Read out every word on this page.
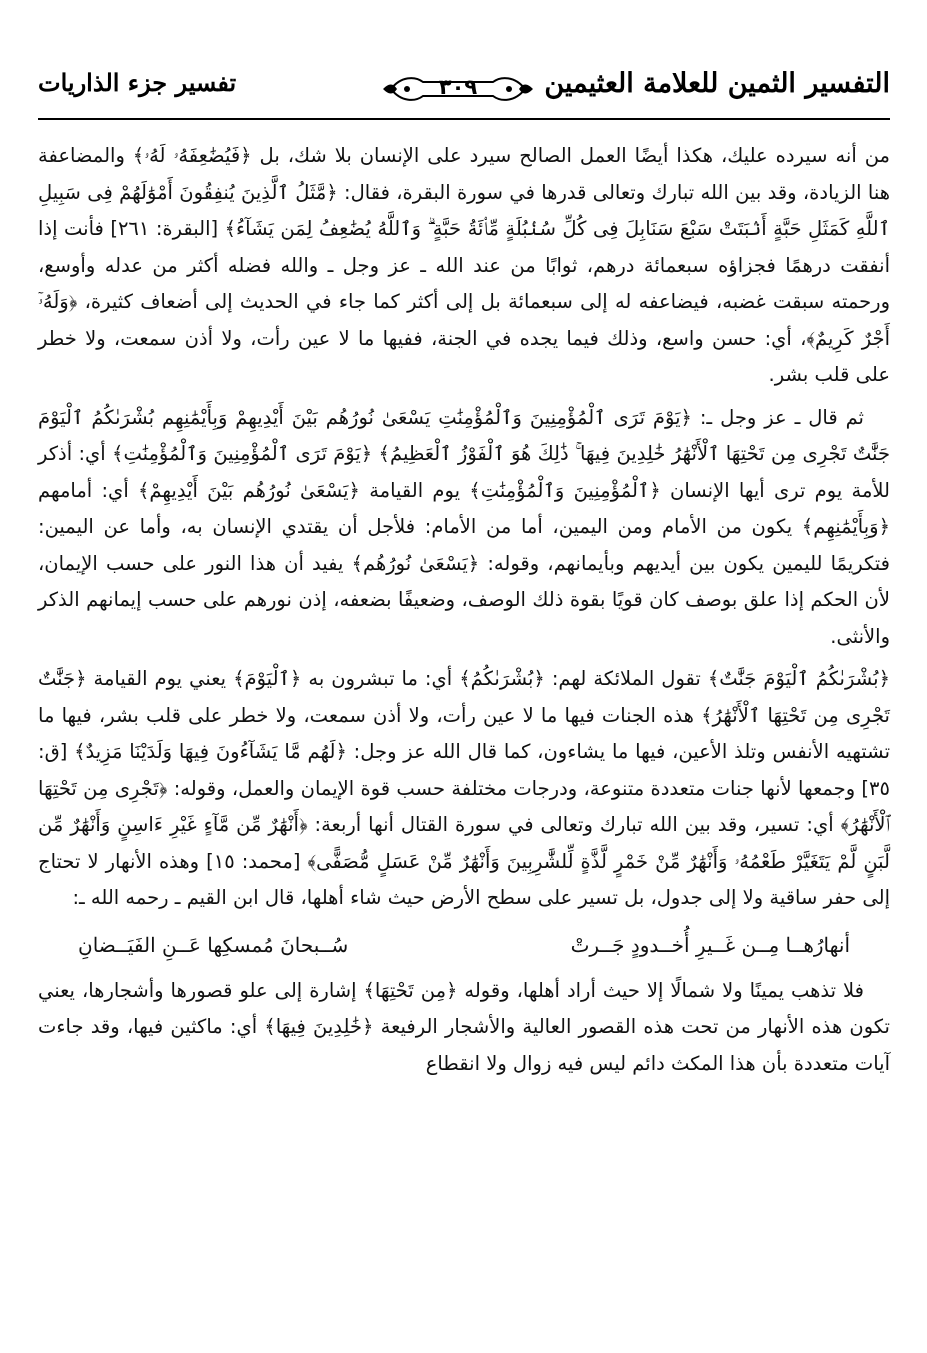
التفسير الثمين للعلامة العثيمين
٣٠٩
تفسير جزء الذاريات

من أنه سيرده عليك، هكذا أيضًا العمل الصالح سيرد على الإنسان بلا شك، بل ﴿فَيُضَٰعِفَهُۥ لَهُۥ﴾ والمضاعفة هنا الزيادة، وقد بين الله تبارك وتعالى قدرها في سورة البقرة، فقال: ﴿مَّثَلُ ٱلَّذِينَ يُنفِقُونَ أَمْوَٰلَهُمْ فِى سَبِيلِ ٱللَّهِ كَمَثَلِ حَبَّةٍ أَنۢبَتَتْ سَبْعَ سَنَابِلَ فِى كُلِّ سُنۢبُلَةٍ مِّا۟ئَةُ حَبَّةٍ ۗ وَٱللَّهُ يُضَٰعِفُ لِمَن يَشَآءُ﴾ [البقرة: ٢٦١] فأنت إذا أنفقت درهمًا فجزاؤه سبعمائة درهم، ثوابًا من عند الله ـ عز وجل ـ والله فضله أكثر من عدله وأوسع، ورحمته سبقت غضبه، فيضاعفه له إلى سبعمائة بل إلى أكثر كما جاء في الحديث إلى أضعاف كثيرة، ﴿وَلَهُۥٓ أَجْرٌ كَرِيمٌ﴾، أي: حسن واسع، وذلك فيما يجده في الجنة، ففيها ما لا عين رأت، ولا أذن سمعت، ولا خطر على قلب بشر.

ثم قال ـ عز وجل ـ: ﴿يَوْمَ تَرَى ٱلْمُؤْمِنِينَ وَٱلْمُؤْمِنَٰتِ يَسْعَىٰ نُورُهُم بَيْنَ أَيْدِيهِمْ وَبِأَيْمَٰنِهِم بُشْرَىٰكُمُ ٱلْيَوْمَ جَنَّٰتٌ تَجْرِى مِن تَحْتِهَا ٱلْأَنْهَٰرُ خَٰلِدِينَ فِيهَا ۚ ذَٰلِكَ هُوَ ٱلْفَوْزُ ٱلْعَظِيمُ﴾ ﴿يَوْمَ تَرَى ٱلْمُؤْمِنِينَ وَٱلْمُؤْمِنَٰتِ﴾ أي: أذكر للأمة يوم ترى أيها الإنسان ﴿ٱلْمُؤْمِنِينَ وَٱلْمُؤْمِنَٰتِ﴾ يوم القيامة ﴿يَسْعَىٰ نُورُهُم بَيْنَ أَيْدِيهِمْ﴾ أي: أمامهم ﴿وَبِأَيْمَٰنِهِم﴾ يكون من الأمام ومن اليمين، أما من الأمام: فلأجل أن يقتدي الإنسان به، وأما عن اليمين: فتكريمًا لليمين يكون بين أيديهم وبأيمانهم، وقوله: ﴿يَسْعَىٰ نُورُهُم﴾ يفيد أن هذا النور على حسب الإيمان، لأن الحكم إذا علق بوصف كان قويًا بقوة ذلك الوصف، وضعيفًا بضعفه، إذن نورهم على حسب إيمانهم الذكر والأنثى.

﴿بُشْرَىٰكُمُ ٱلْيَوْمَ جَنَّٰتٌ﴾ تقول الملائكة لهم: ﴿بُشْرَىٰكُمُ﴾ أي: ما تبشرون به ﴿ٱلْيَوْمَ﴾ يعني يوم القيامة ﴿جَنَّٰتٌ تَجْرِى مِن تَحْتِهَا ٱلْأَنْهَٰرُ﴾ هذه الجنات فيها ما لا عين رأت، ولا أذن سمعت، ولا خطر على قلب بشر، فيها ما تشتهيه الأنفس وتلذ الأعين، فيها ما يشاءون، كما قال الله عز وجل: ﴿لَهُم مَّا يَشَآءُونَ فِيهَا وَلَدَيْنَا مَزِيدٌ﴾ [ق: ٣٥] وجمعها لأنها جنات متعددة متنوعة، ودرجات مختلفة حسب قوة الإيمان والعمل، وقوله: ﴿تَجْرِى مِن تَحْتِهَا ٱلْأَنْهَٰرُ﴾ أي: تسير، وقد بين الله تبارك وتعالى في سورة القتال أنها أربعة: ﴿أَنْهَٰرٌ مِّن مَّآءٍ غَيْرِ ءَاسِنٍ وَأَنْهَٰرٌ مِّن لَّبَنٍ لَّمْ يَتَغَيَّرْ طَعْمُهُۥ وَأَنْهَٰرٌ مِّنْ خَمْرٍ لَّذَّةٍ لِّلشَّٰرِبِينَ وَأَنْهَٰرٌ مِّنْ عَسَلٍ مُّصَفًّى﴾ [محمد: ١٥] وهذه الأنهار لا تحتاج إلى حفر ساقية ولا إلى جدول، بل تسير على سطح الأرض حيث شاء أهلها، قال ابن القيم ـ رحمه الله ـ:

أنهارُهــا مِــن غَــيرِ أُخــدودٍ جَــرتْ
سُــبحانَ مُمسكِها عَــنِ الفَيَــضانِ

فلا تذهب يمينًا ولا شمالًا إلا حيث أراد أهلها، وقوله ﴿مِن تَحْتِهَا﴾ إشارة إلى علو قصورها وأشجارها، يعني تكون هذه الأنهار من تحت هذه القصور العالية والأشجار الرفيعة ﴿خَٰلِدِينَ فِيهَا﴾ أي: ماكثين فيها، وقد جاءت آيات متعددة بأن هذا المكث دائم ليس فيه زوال ولا انقطاع
